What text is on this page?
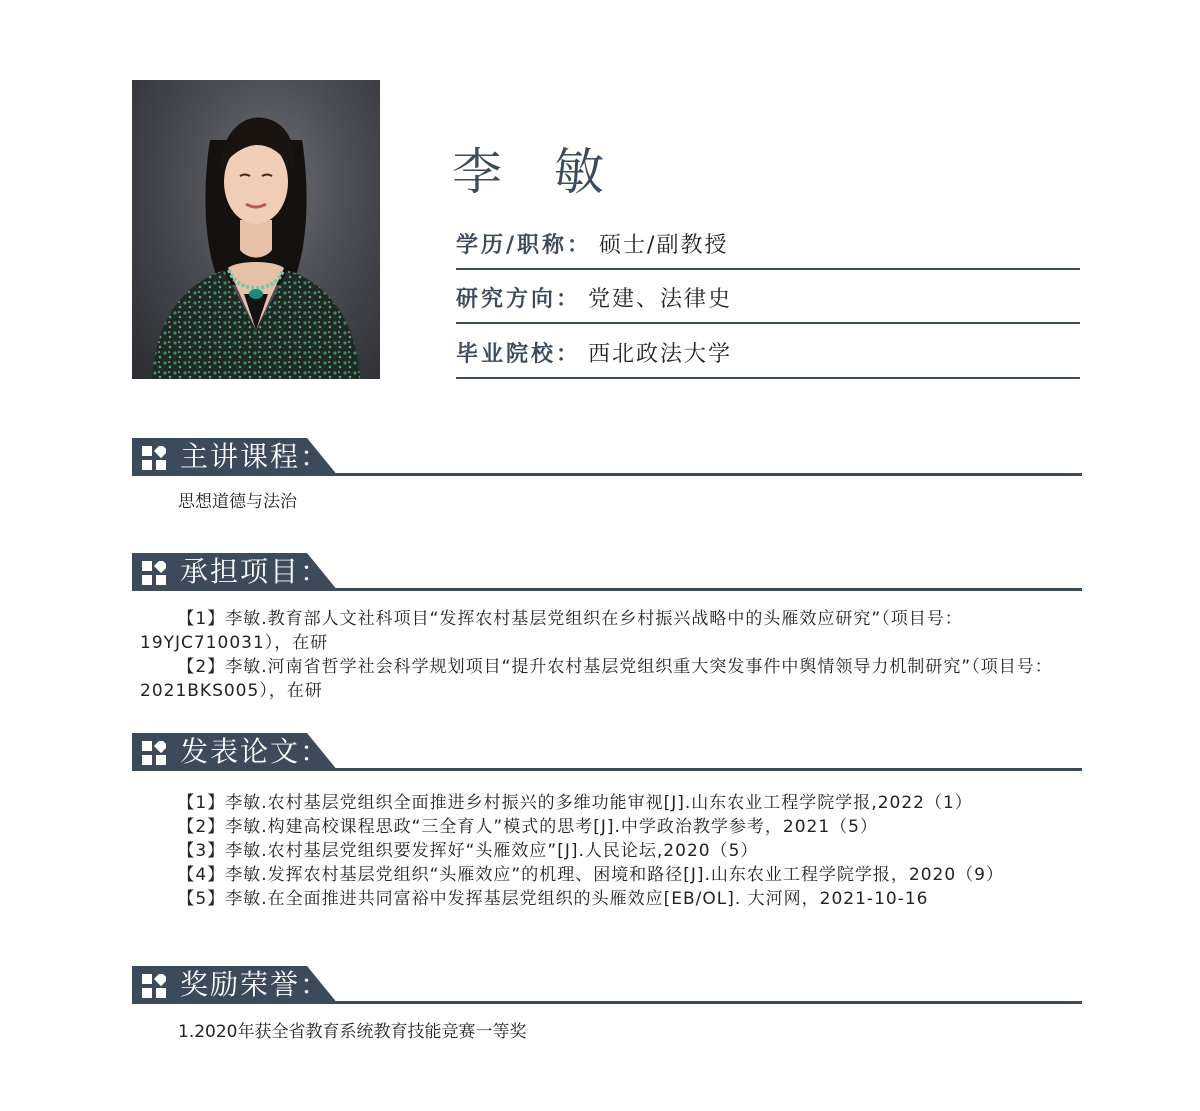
李 敏
学历/职称： 硕士/副教授
研究方向： 党建、法律史
毕业院校： 西北政法大学
主讲课程：
思想道德与法治
承担项目：

【1】李敏.教育部人文社科项目“发挥农村基层党组织在乡村振兴战略中的头雁效应研究”（项目号：19YJC710031），在研

【2】李敏.河南省哲学社会科学规划项目“提升农村基层党组织重大突发事件中舆情领导力机制研究”（项目号：2021BKS005），在研

发表论文：

【1】李敏.农村基层党组织全面推进乡村振兴的多维功能审视[J].山东农业工程学院学报,2022（1）

【2】李敏.构建高校课程思政“三全育人”模式的思考[J].中学政治教学参考，2021（5）

【3】李敏.农村基层党组织要发挥好“头雁效应”[J].人民论坛,2020（5）

【4】李敏.发挥农村基层党组织“头雁效应”的机理、困境和路径[J].山东农业工程学院学报，2020（9）

【5】李敏.在全面推进共同富裕中发挥基层党组织的头雁效应[EB/OL]. 大河网，2021-10-16

奖励荣誉：
1.2020年获全省教育系统教育技能竞赛一等奖
